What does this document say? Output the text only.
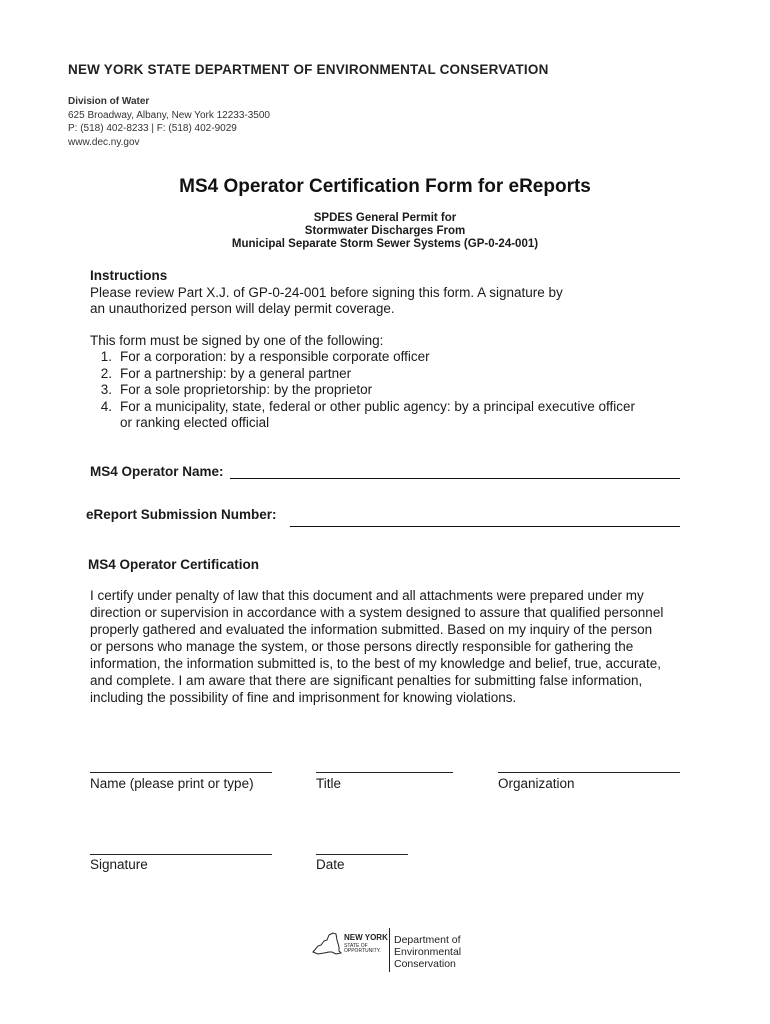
NEW YORK STATE DEPARTMENT OF ENVIRONMENTAL CONSERVATION
Division of Water
625 Broadway, Albany, New York 12233-3500
P: (518) 402-8233 | F: (518) 402-9029
www.dec.ny.gov
MS4 Operator Certification Form for eReports
SPDES General Permit for
Stormwater Discharges From
Municipal Separate Storm Sewer Systems (GP-0-24-001)
Instructions
Please review Part X.J. of GP-0-24-001 before signing this form. A signature by
an unauthorized person will delay permit coverage.
This form must be signed by one of the following:
1. For a corporation: by a responsible corporate officer
2. For a partnership: by a general partner
3. For a sole proprietorship: by the proprietor
4. For a municipality, state, federal or other public agency: by a principal executive officer
or ranking elected official
MS4 Operator Name:
eReport Submission Number:
MS4 Operator Certification
I certify under penalty of law that this document and all attachments were prepared under my
direction or supervision in accordance with a system designed to assure that qualified personnel
properly gathered and evaluated the information submitted. Based on my inquiry of the person
or persons who manage the system, or those persons directly responsible for gathering the
information, the information submitted is, to the best of my knowledge and belief, true, accurate,
and complete. I am aware that there are significant penalties for submitting false information,
including the possibility of fine and imprisonment for knowing violations.
Name (please print or type)	Title	Organization
Signature	Date
NEW YORK
STATE OF
OPPORTUNITY.
Department of
Environmental
Conservation
